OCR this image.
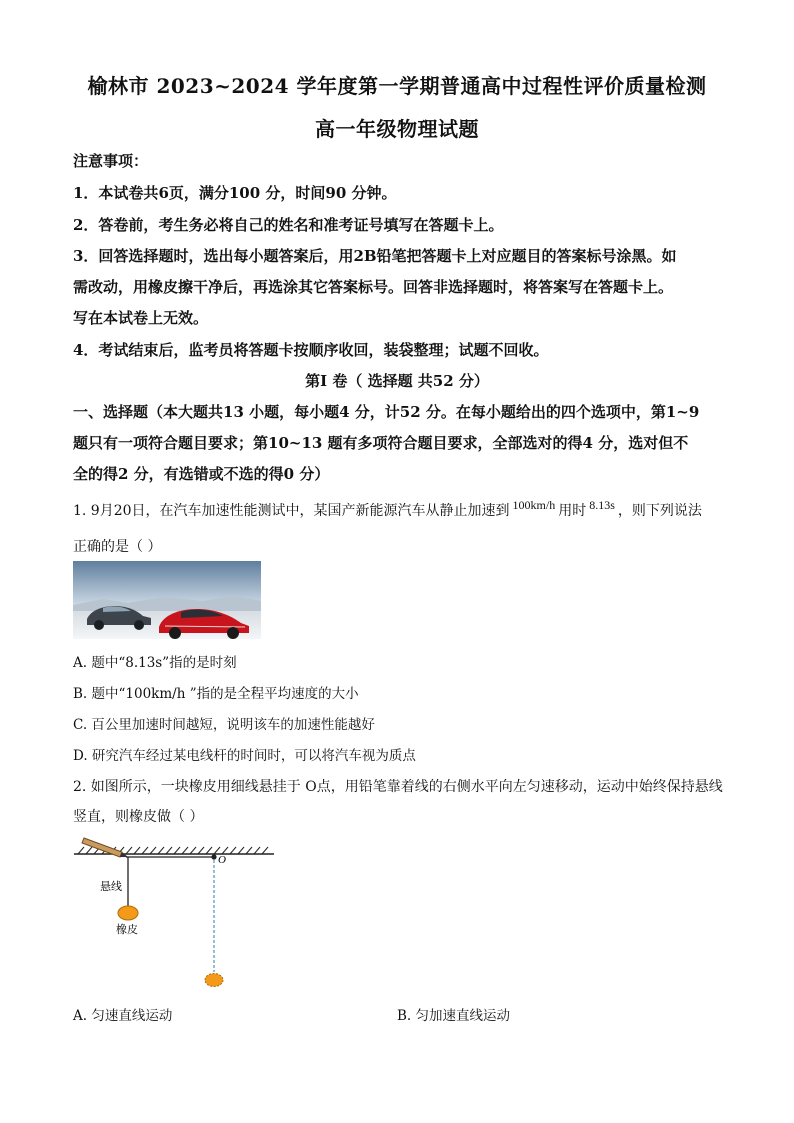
榆林市 2023~2024 学年度第一学期普通高中过程性评价质量检测
高一年级物理试题
注意事项：
1．本试卷共6页，满分100 分，时间90 分钟。
2．答卷前，考生务必将自己的姓名和准考证号填写在答题卡上。
3．回答选择题时，选出每小题答案后，用2B铅笔把答题卡上对应题目的答案标号涂黑。如
需改动，用橡皮擦干净后，再选涂其它答案标号。回答非选择题时，将答案写在答题卡上。
写在本试卷上无效。
4．考试结束后，监考员将答题卡按顺序收回，装袋整理；试题不回收。
第Ⅰ 卷（ 选择题 共52 分）
一、选择题（本大题共13 小题，每小题4 分，计52 分。在每小题给出的四个选项中，第1~9
题只有一项符合题目要求；第10~13 题有多项符合题目要求，全部选对的得4 分，选对但不
全的得2 分，有选错或不选的得0 分）
1. 9月20日，在汽车加速性能测试中，某国产新能源汽车从静止加速到 100km/h 用时 8.13s ，则下列说法
正确的是（ ）
A. 题中“8.13s”指的是时刻
B. 题中“100km/h ”指的是全程平均速度的大小
C. 百公里加速时间越短，说明该车的加速性能越好
D. 研究汽车经过某电线杆的时间时，可以将汽车视为质点
2. 如图所示，一块橡皮用细线悬挂于 O点，用铅笔靠着线的右侧水平向左匀速移动，运动中始终保持悬线
竖直，则橡皮做（ ）
O
悬线
橡皮
A. 匀速直线运动	B. 匀加速直线运动
